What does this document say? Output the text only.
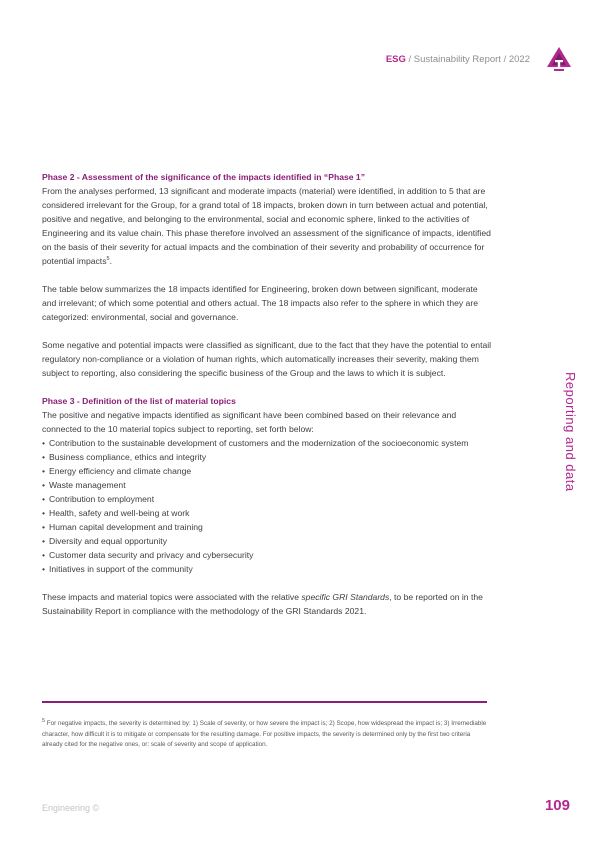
ESG / Sustainability Report / 2022

Phase 2 - Assessment of the significance of the impacts identified in “Phase 1”

From the analyses performed, 13 significant and moderate impacts (material) were identified, in addition to 5 that are considered irrelevant for the Group, for a grand total of 18 impacts, broken down in turn between actual and potential, positive and negative, and belonging to the environmental, social and economic sphere, linked to the activities of Engineering and its value chain. This phase therefore involved an assessment of the significance of impacts, identified on the basis of their severity for actual impacts and the combination of their severity and probability of occurrence for potential impacts$^5$.

The table below summarizes the 18 impacts identified for Engineering, broken down between significant, moderate and irrelevant; of which some potential and others actual. The 18 impacts also refer to the sphere in which they are categorized: environmental, social and governance.

Some negative and potential impacts were classified as significant, due to the fact that they have the potential to entail regulatory non-compliance or a violation of human rights, which automatically increases their severity, making them subject to reporting, also considering the specific business of the Group and the laws to which it is subject.

Phase 3 - Definition of the list of material topics

The positive and negative impacts identified as significant have been combined based on their relevance and connected to the 10 material topics subject to reporting, set forth below:

• Contribution to the sustainable development of customers and the modernization of the socioeconomic system
• Business compliance, ethics and integrity
• Energy efficiency and climate change
• Waste management
• Contribution to employment
• Health, safety and well-being at work
• Human capital development and training
• Diversity and equal opportunity
• Customer data security and privacy and cybersecurity
• Initiatives in support of the community

These impacts and material topics were associated with the relative specific GRI Standards, to be reported on in the Sustainability Report in compliance with the methodology of the GRI Standards 2021.

Reporting and data

$^5$ For negative impacts, the severity is determined by: 1) Scale of severity, or how severe the impact is; 2) Scope, how widespread the impact is; 3) Irremediable character, how difficult it is to mitigate or compensate for the resulting damage. For positive impacts, the severity is determined only by the first two criteria already cited for the negative ones, or: scale of severity and scope of application.

Engineering ©	109
